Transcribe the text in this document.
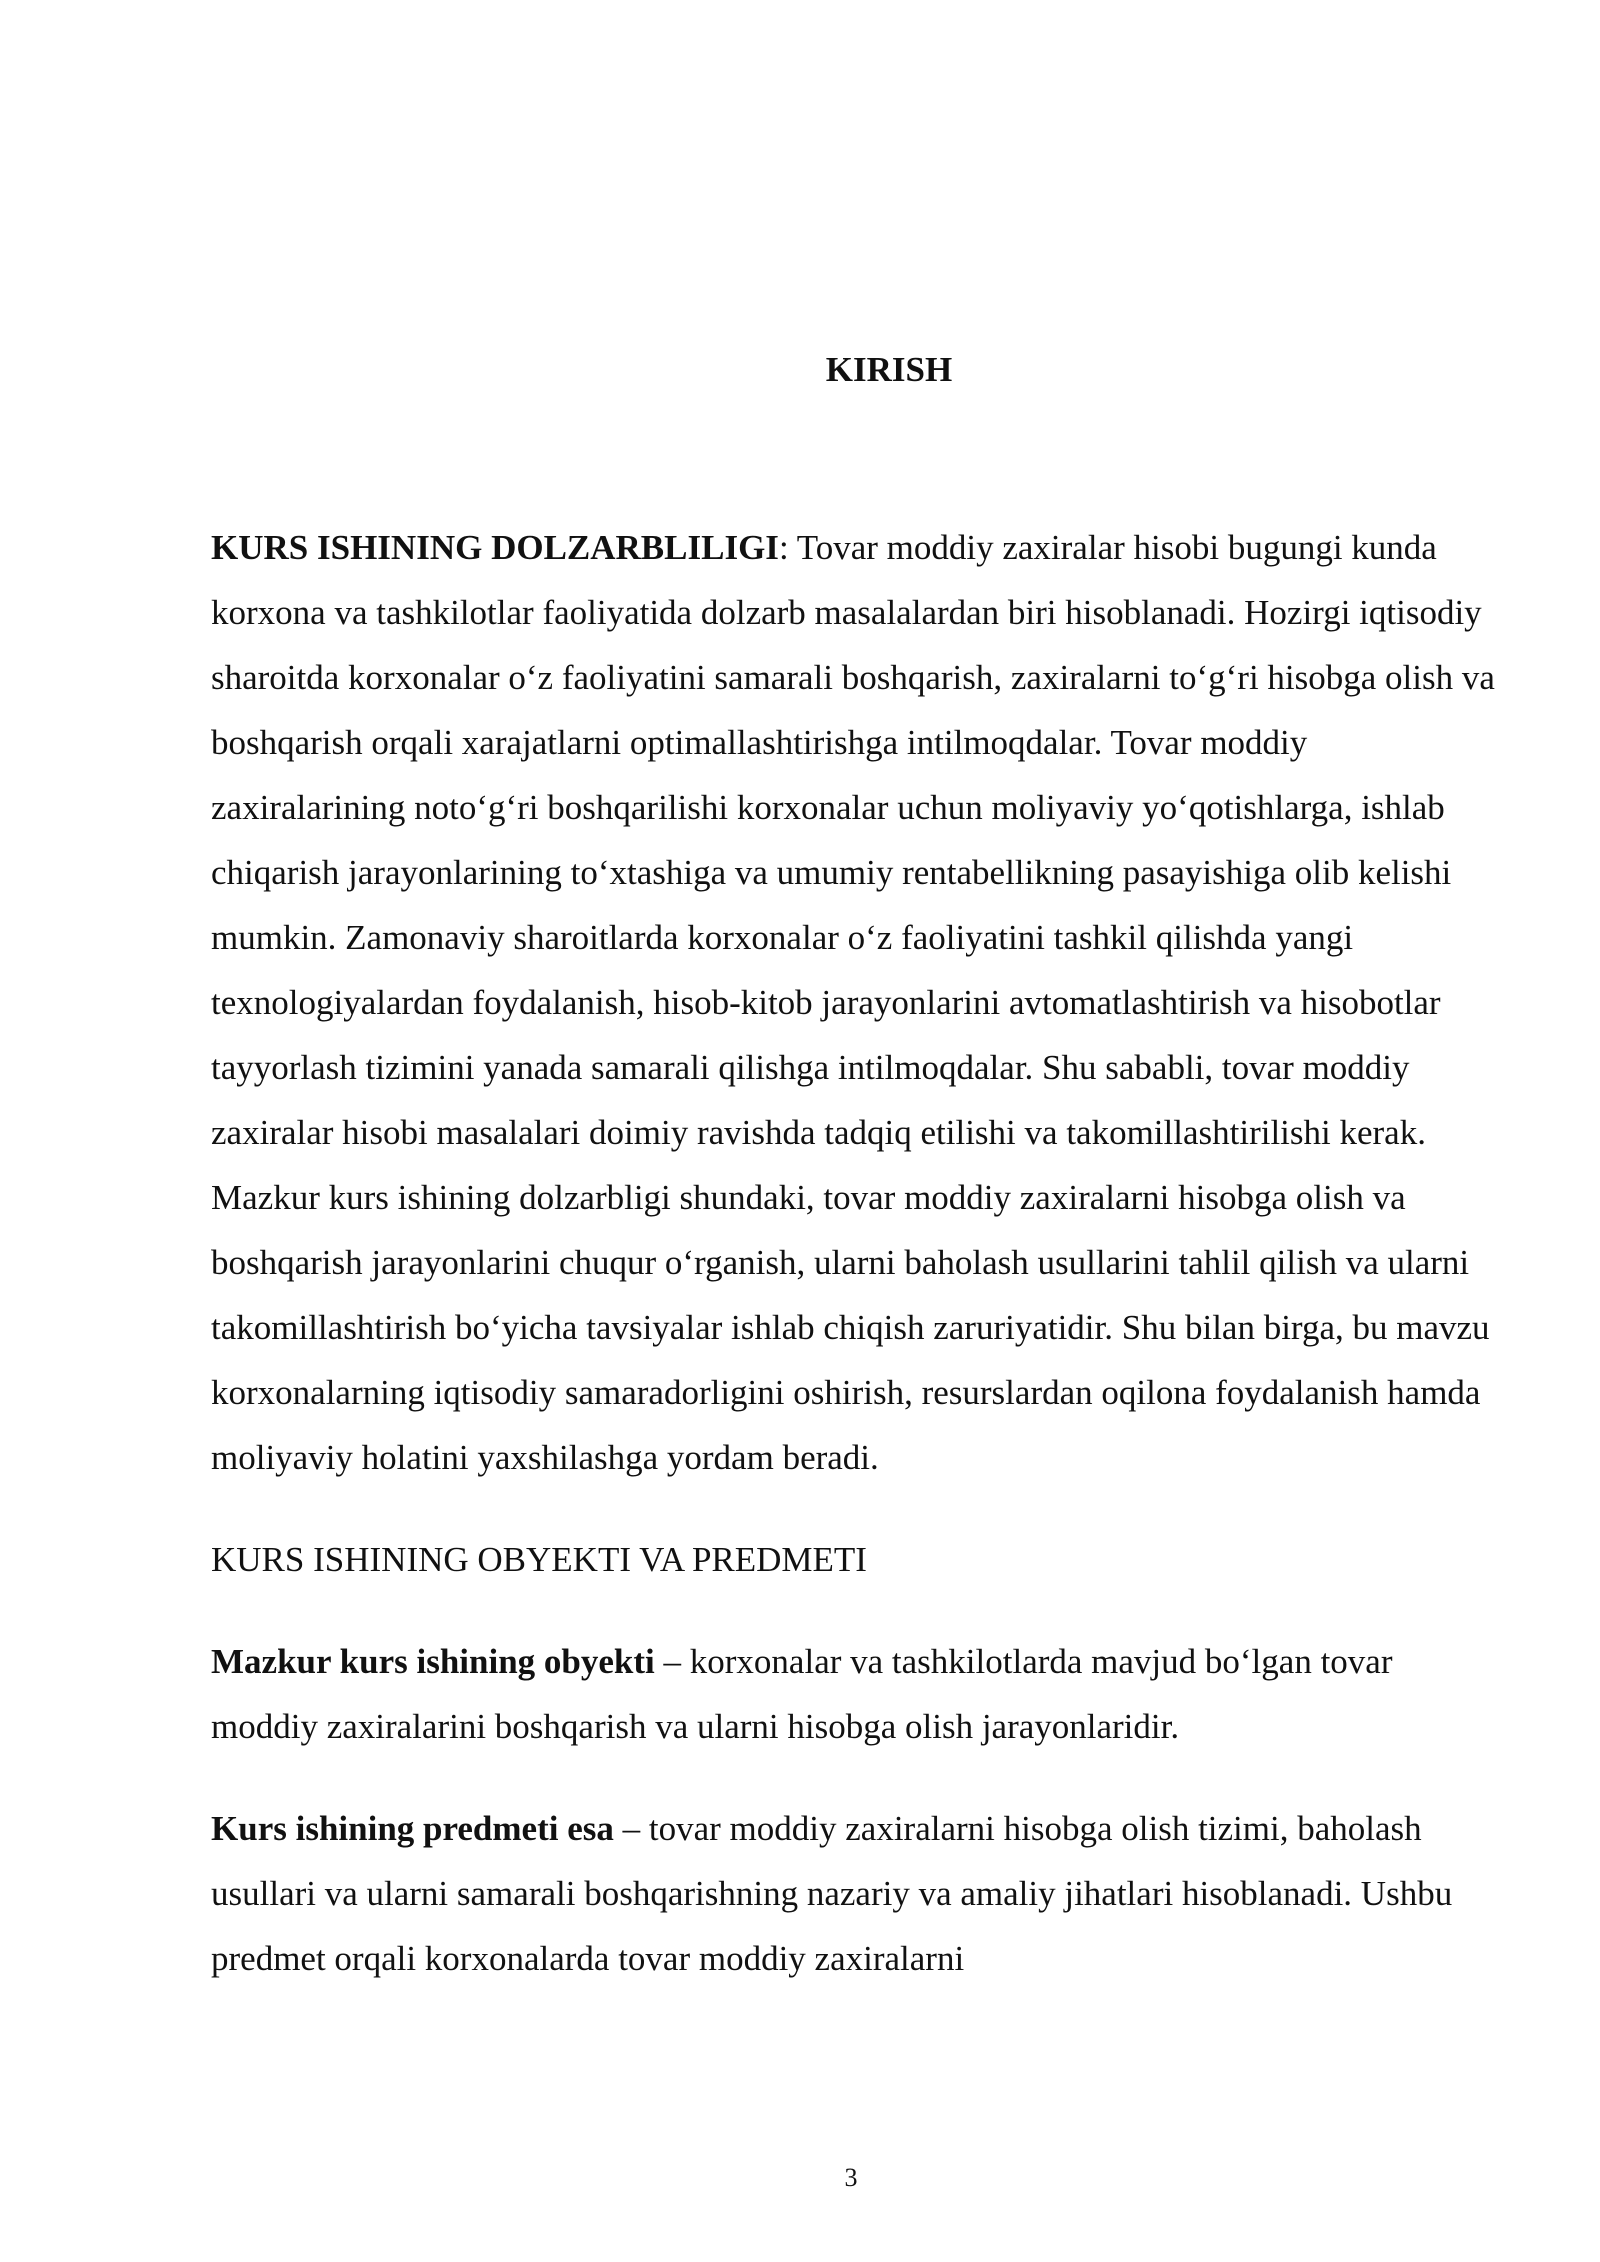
KIRISH

KURS ISHINING DOLZARBLILIGI: Tovar moddiy zaxiralar hisobi bugungi kunda korxona va tashkilotlar faoliyatida dolzarb masalalardan biri hisoblanadi. Hozirgi iqtisodiy sharoitda korxonalar o‘z faoliyatini samarali boshqarish, zaxiralarni to‘g‘ri hisobga olish va boshqarish orqali xarajatlarni optimallashtirishga intilmoqdalar. Tovar moddiy zaxiralarining noto‘g‘ri boshqarilishi korxonalar uchun moliyaviy yo‘qotishlarga, ishlab chiqarish jarayonlarining to‘xtashiga va umumiy rentabellikning pasayishiga olib kelishi mumkin. Zamonaviy sharoitlarda korxonalar o‘z faoliyatini tashkil qilishda yangi texnologiyalardan foydalanish, hisob-kitob jarayonlarini avtomatlashtirish va hisobotlar tayyorlash tizimini yanada samarali qilishga intilmoqdalar. Shu sababli, tovar moddiy zaxiralar hisobi masalalari doimiy ravishda tadqiq etilishi va takomillashtirilishi kerak. Mazkur kurs ishining dolzarbligi shundaki, tovar moddiy zaxiralarni hisobga olish va boshqarish jarayonlarini chuqur o‘rganish, ularni baholash usullarini tahlil qilish va ularni takomillashtirish bo‘yicha tavsiyalar ishlab chiqish zaruriyatidir. Shu bilan birga, bu mavzu korxonalarning iqtisodiy samaradorligini oshirish, resurslardan oqilona foydalanish hamda moliyaviy holatini yaxshilashga yordam beradi.

KURS ISHINING OBYEKTI VA PREDMETI

Mazkur kurs ishining obyekti – korxonalar va tashkilotlarda mavjud bo‘lgan tovar moddiy zaxiralarini boshqarish va ularni hisobga olish jarayonlaridir.

Kurs ishining predmeti esa – tovar moddiy zaxiralarni hisobga olish tizimi, baholash usullari va ularni samarali boshqarishning nazariy va amaliy jihatlari hisoblanadi. Ushbu predmet orqali korxonalarda tovar moddiy zaxiralarni

3
